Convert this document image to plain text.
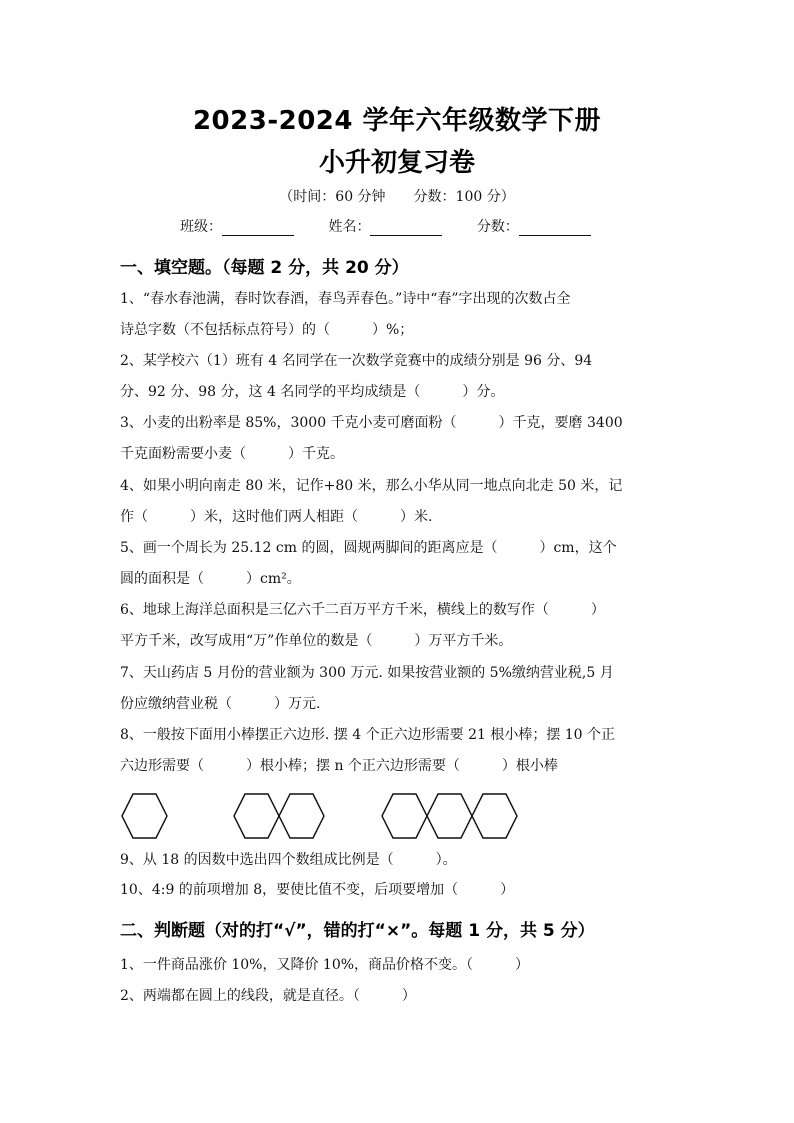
2023-2024 学年六年级数学下册
小升初复习卷
（时间：60 分钟　　分数：100 分）
班级：	姓名：	分数：
一、填空题。（每题 2 分，共 20 分）
1、“春水春池满，春时饮春酒，春鸟弄春色。”诗中“春”字出现的次数占全
诗总字数（不包括标点符号）的（　　　）%；
2、某学校六（1）班有 4 名同学在一次数学竞赛中的成绩分别是 96 分、94
分、92 分、98 分，这 4 名同学的平均成绩是（　　　）分。
3、小麦的出粉率是 85%，3000 千克小麦可磨面粉（　　　）千克，要磨 3400
千克面粉需要小麦（　　　）千克。
4、如果小明向南走 80 米，记作+80 米，那么小华从同一地点向北走 50 米，记
作（　　　）米，这时他们两人相距（　　　）米.
5、画一个周长为 25.12 cm 的圆，圆规两脚间的距离应是（　　　）cm，这个
圆的面积是（　　　）cm²。
6、地球上海洋总面积是三亿六千二百万平方千米，横线上的数写作（　　　）
平方千米，改写成用“万”作单位的数是（　　　）万平方千米。
7、天山药店 5 月份的营业额为 300 万元. 如果按营业额的 5%缴纳营业税,5 月
份应缴纳营业税（　　　）万元.
8、一般按下面用小棒摆正六边形. 摆 4 个正六边形需要 21 根小棒；摆 10 个正
六边形需要（　　　）根小棒；摆 n 个正六边形需要（　　　）根小棒
9、从 18 的因数中选出四个数组成比例是（　　　）。
10、4:9 的前项增加 8，要使比值不变，后项要增加（　　　）
二、判断题（对的打“√”，错的打“×”。每题 1 分，共 5 分）
1、一件商品涨价 10%，又降价 10%，商品价格不变。（　　　）
2、两端都在圆上的线段，就是直径。（　　　）
